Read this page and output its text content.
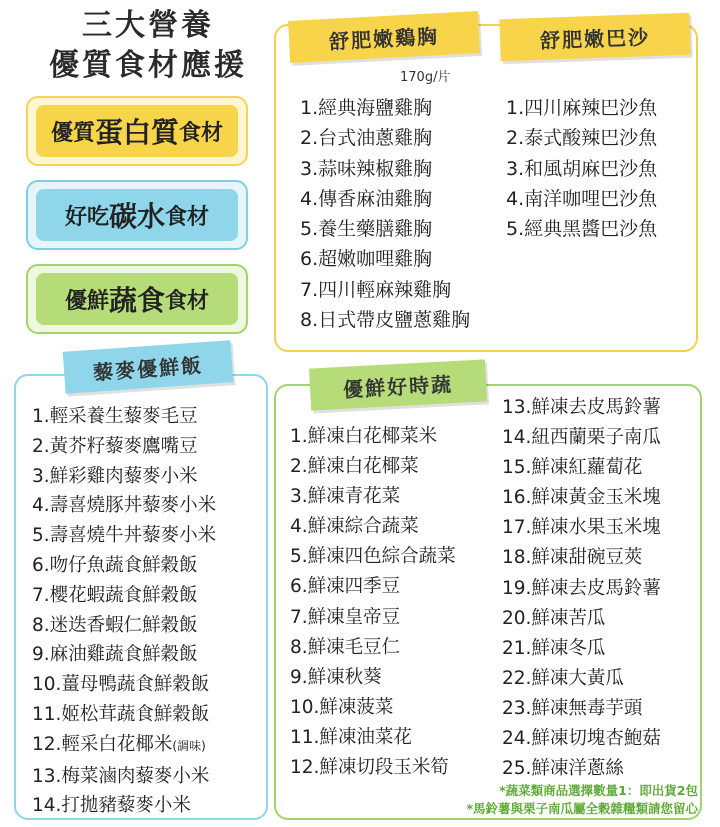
三大營養
優質食材應援
優質 蛋白質 食材
好吃 碳水 食材
優鮮 蔬食 食材
舒肥嫩鷄胸	舒肥嫩巴沙
藜麥優鮮飯
優鮮好時蔬
170g/片
1.經典海鹽雞胸
2.台式油蔥雞胸
3.蒜味辣椒雞胸
4.傳香麻油雞胸
5.養生藥膳雞胸
6.超嫩咖哩雞胸
7.四川輕麻辣雞胸
8.日式帶皮鹽蔥雞胸
1.四川麻辣巴沙魚
2.泰式酸辣巴沙魚
3.和風胡麻巴沙魚
4.南洋咖哩巴沙魚
5.經典黑醬巴沙魚
1.輕采養生藜麥毛豆
2.黃芥籽藜麥鷹嘴豆
3.鮮彩雞肉藜麥小米
4.壽喜燒豚丼藜麥小米
5.壽喜燒牛丼藜麥小米
6.吻仔魚蔬食鮮穀飯
7.櫻花蝦蔬食鮮穀飯
8.迷迭香蝦仁鮮穀飯
9.麻油雞蔬食鮮穀飯
10.薑母鴨蔬食鮮穀飯
11.姬松茸蔬食鮮穀飯
12.輕采白花椰米(調味)
13.梅菜滷肉藜麥小米
14.打拋豬藜麥小米
1.鮮凍白花椰菜米
2.鮮凍白花椰菜
3.鮮凍青花菜
4.鮮凍綜合蔬菜
5.鮮凍四色綜合蔬菜
6.鮮凍四季豆
7.鮮凍皇帝豆
8.鮮凍毛豆仁
9.鮮凍秋葵
10.鮮凍菠菜
11.鮮凍油菜花
12.鮮凍切段玉米筍
13.鮮凍去皮馬鈴薯
14.紐西蘭栗子南瓜
15.鮮凍紅蘿蔔花
16.鮮凍黃金玉米塊
17.鮮凍水果玉米塊
18.鮮凍甜碗豆莢
19.鮮凍去皮馬鈴薯
20.鮮凍苦瓜
21.鮮凍冬瓜
22.鮮凍大黃瓜
23.鮮凍無毒芋頭
24.鮮凍切塊杏鮑菇
25.鮮凍洋蔥絲
*蔬菜類商品選擇數量1：即出貨2包
*馬鈴薯與栗子南瓜屬全穀雜糧類請您留心
